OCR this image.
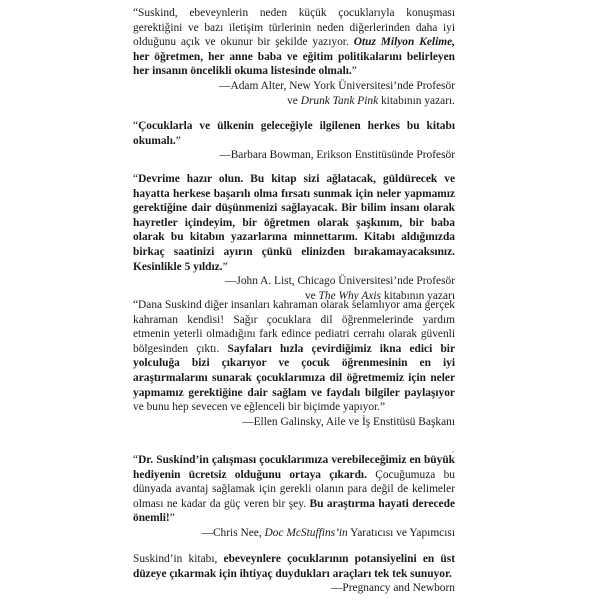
“Suskind, ebeveynlerin neden küçük çocuklarıyla konuşması gerektiğini ve bazı iletişim türlerinin neden diğerlerinden daha iyi olduğunu açık ve okunur bir şekilde yazıyor. Otuz Milyon Kelime, her öğretmen, her anne baba ve eğitim politikalarını belirleyen her insanın öncelikli okuma listesinde olmalı.”

—Adam Alter, New York Üniversitesi’nde Profesör
ve Drunk Tank Pink kitabının yazarı.

“Çocuklarla ve ülkenin geleceğiyle ilgilenen herkes bu kitabı okumalı.”

—Barbara Bowman, Erikson Enstitüsünde Profesör

“Devrime hazır olun. Bu kitap sizi ağlatacak, güldürecek ve hayatta herkese başarılı olma fırsatı sunmak için neler yapmamız gerektiğine dair düşünmenizi sağlayacak. Bir bilim insanı olarak hayretler içindeyim, bir öğretmen olarak şaşkınım, bir baba olarak bu kitabın yazarlarına minnettarım. Kitabı aldığınızda birkaç saatinizi ayırın çünkü elinizden bırakamayacaksınız. Kesinlikle 5 yıldız.”

—John A. List, Chicago Üniversitesi’nde Profesör
ve The Why Axis kitabının yazarı

“Dana Suskind diğer insanları kahraman olarak selamlıyor ama gerçek kahraman kendisi! Sağır çocuklara dil öğrenmelerinde yardım etmenin yeterli olmadığını fark edince pediatri cerrahı olarak güvenli bölgesinden çıktı. Sayfaları hızla çevirdiğimiz ikna edici bir yolculuğa bizi çıkarıyor ve çocuk öğrenmesinin en iyi araştırmalarını sunarak çocuklarımıza dil öğretmemiz için neler yapmamız gerektiğine dair sağlam ve faydalı bilgiler paylaşıyor ve bunu hep sevecen ve eğlenceli bir biçimde yapıyor.”

—Ellen Galinsky, Aile ve İş Enstitüsü Başkanı

,

“Dr. Suskind’in çalışması çocuklarımıza verebileceğimiz en büyük hediyenin ücretsiz olduğunu ortaya çıkardı. Çocuğumuza bu dünyada avantaj sağlamak için gerekli olanın para değil de kelimeler olması ne kadar da güç veren bir şey. Bu araştırma hayati derecede önemli!”

—Chris Nee, Doc McStuffins’in Yaratıcısı ve Yapımcısı

Suskind’in kitabı, ebeveynlere çocuklarının potansiyelini en üst düzeye çıkarmak için ihtiyaç duydukları araçları tek tek sunuyor.

—Pregnancy and Newborn
